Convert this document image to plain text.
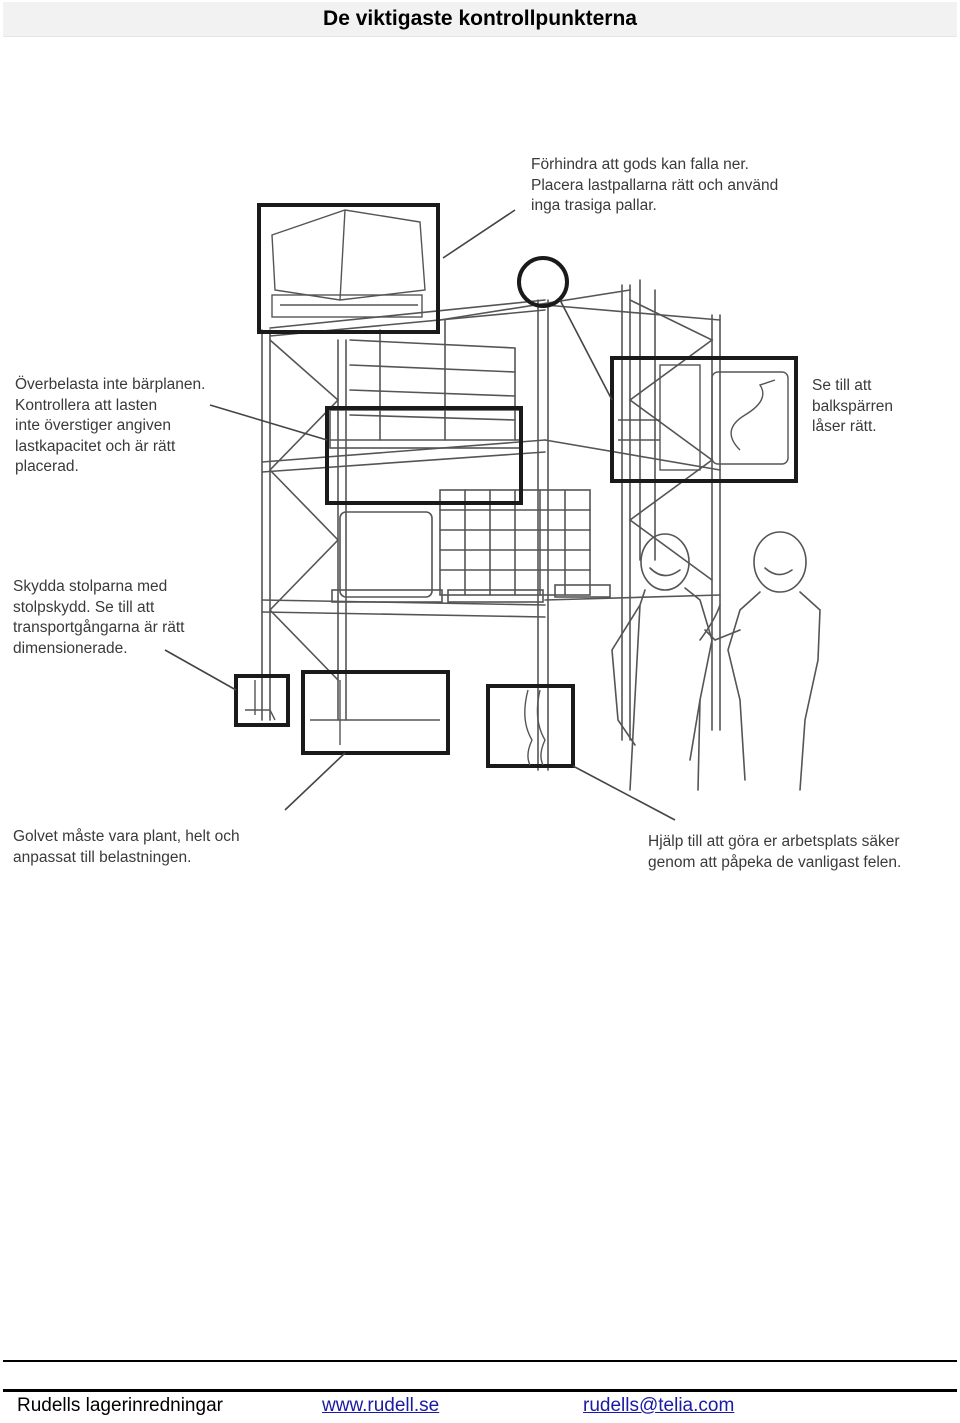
De viktigaste kontrollpunkterna
Förhindra att gods kan falla ner.
Placera lastpallarna rätt och använd
inga trasiga pallar.
Överbelasta inte bärplanen.
Kontrollera att lasten
inte överstiger angiven
lastkapacitet och är rätt
placerad.
Se till att
balkspärren
låser rätt.
Skydda stolparna med
stolpskydd. Se till att
transportgångarna är rätt
dimensionerade.
Golvet måste vara plant, helt och
anpassat till belastningen.
Hjälp till att göra er arbetsplats säker
genom att påpeka de vanligast felen.
Rudells lagerinredningar	www.rudell.se	rudells@telia.com
